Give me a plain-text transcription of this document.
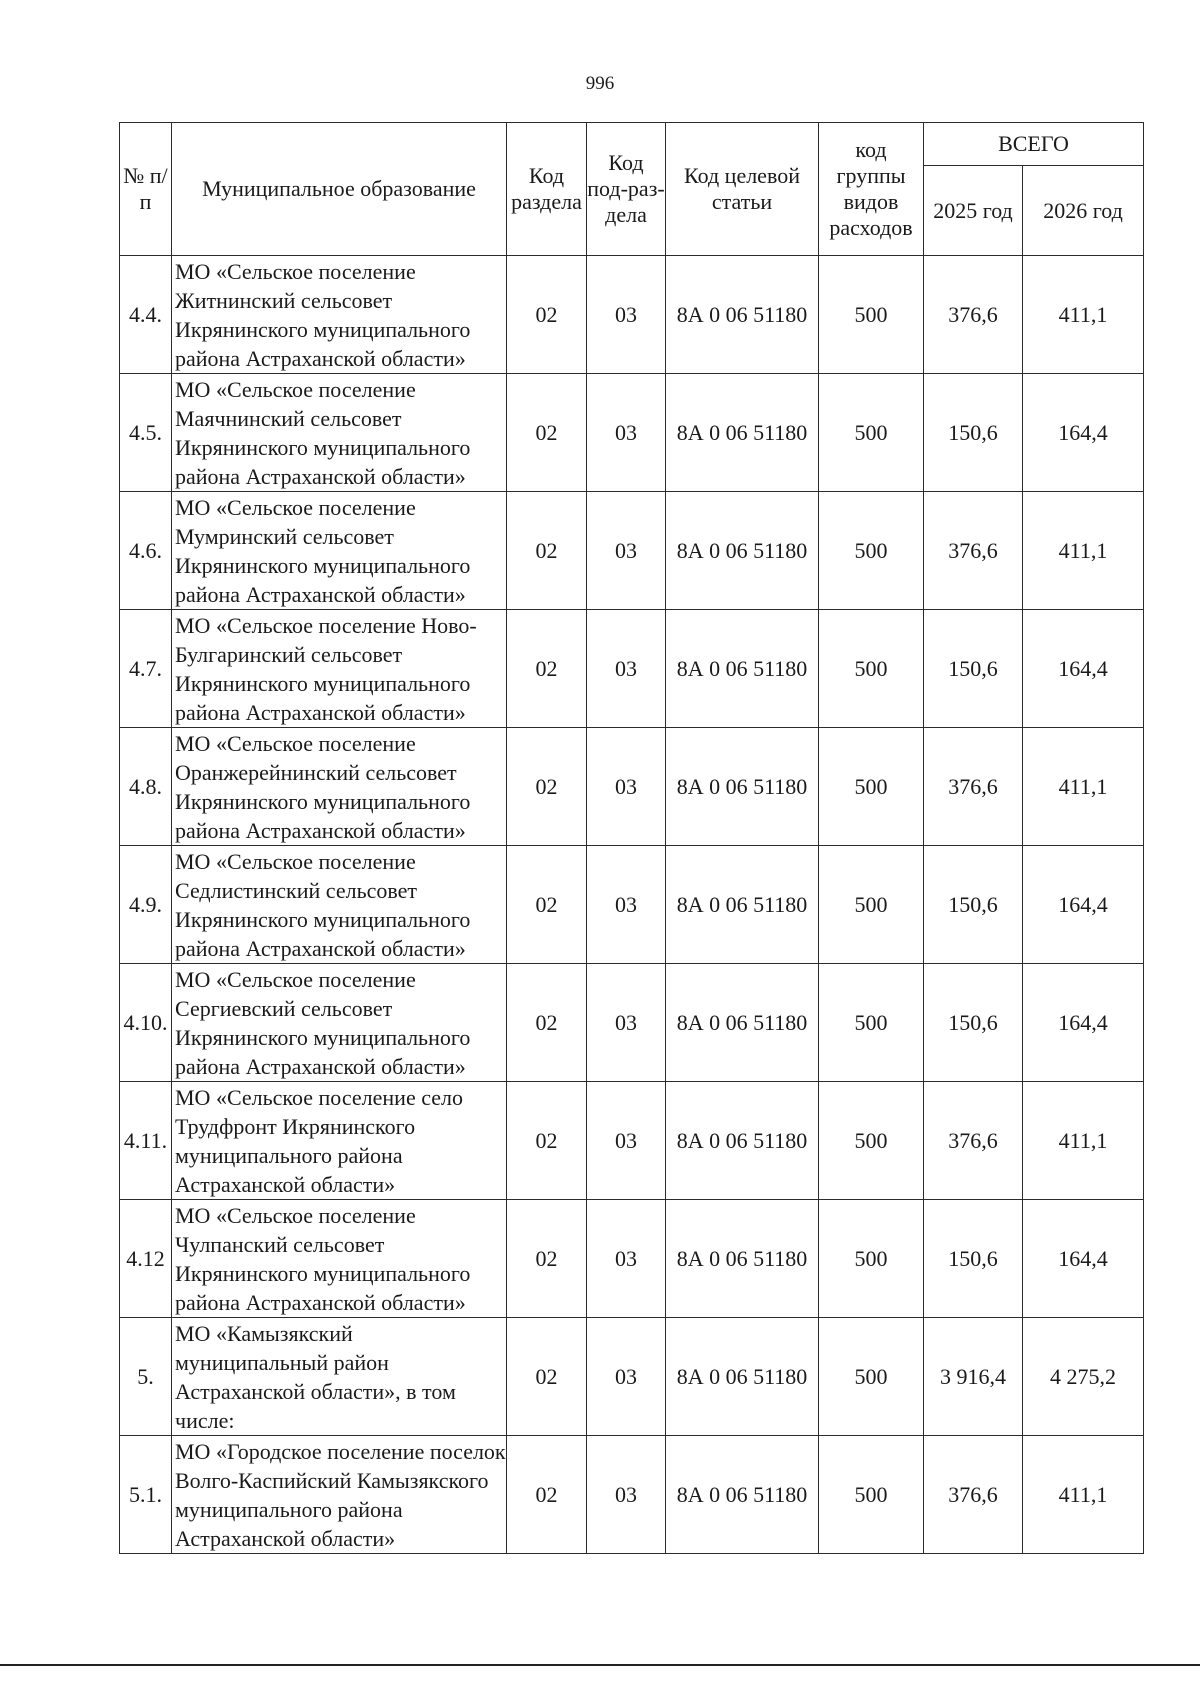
996
№ п/п	Муниципальное образование	Код раздела	Код под-раз-дела	Код целевой статьи	код группы видов расходов	ВСЕГО	
						2025 год	2026 год
4.4.	МО «Сельское поселение Житнинский сельсовет Икрянинского муниципального района Астраханской области»	02	03	8А 0 06 51180	500	376,6	411,1
4.5.	МО «Сельское поселение Маячнинский сельсовет Икрянинского муниципального района Астраханской области»	02	03	8А 0 06 51180	500	150,6	164,4
4.6.	МО «Сельское поселение Мумринский сельсовет Икрянинского муниципального района Астраханской области»	02	03	8А 0 06 51180	500	376,6	411,1
4.7.	МО «Сельское поселение Ново-Булгаринский сельсовет Икрянинского муниципального района Астраханской области»	02	03	8А 0 06 51180	500	150,6	164,4
4.8.	МО «Сельское поселение Оранжерейнинский сельсовет Икрянинского муниципального района Астраханской области»	02	03	8А 0 06 51180	500	376,6	411,1
4.9.	МО «Сельское поселение Седлистинский сельсовет Икрянинского муниципального района Астраханской области»	02	03	8А 0 06 51180	500	150,6	164,4
4.10.	МО «Сельское поселение Сергиевский сельсовет Икрянинского муниципального района Астраханской области»	02	03	8А 0 06 51180	500	150,6	164,4
4.11.	МО «Сельское поселение село Трудфронт Икрянинского муниципального района Астраханской области»	02	03	8А 0 06 51180	500	376,6	411,1
4.12	МО «Сельское поселение Чулпанский сельсовет Икрянинского муниципального района Астраханской области»	02	03	8А 0 06 51180	500	150,6	164,4
5.	МО «Камызякский муниципальный район Астраханской области», в том числе:	02	03	8А 0 06 51180	500	3 916,4	4 275,2
5.1.	МО «Городское поселение поселок Волго-Каспийский Камызякского муниципального района Астраханской области»	02	03	8А 0 06 51180	500	376,6	411,1
